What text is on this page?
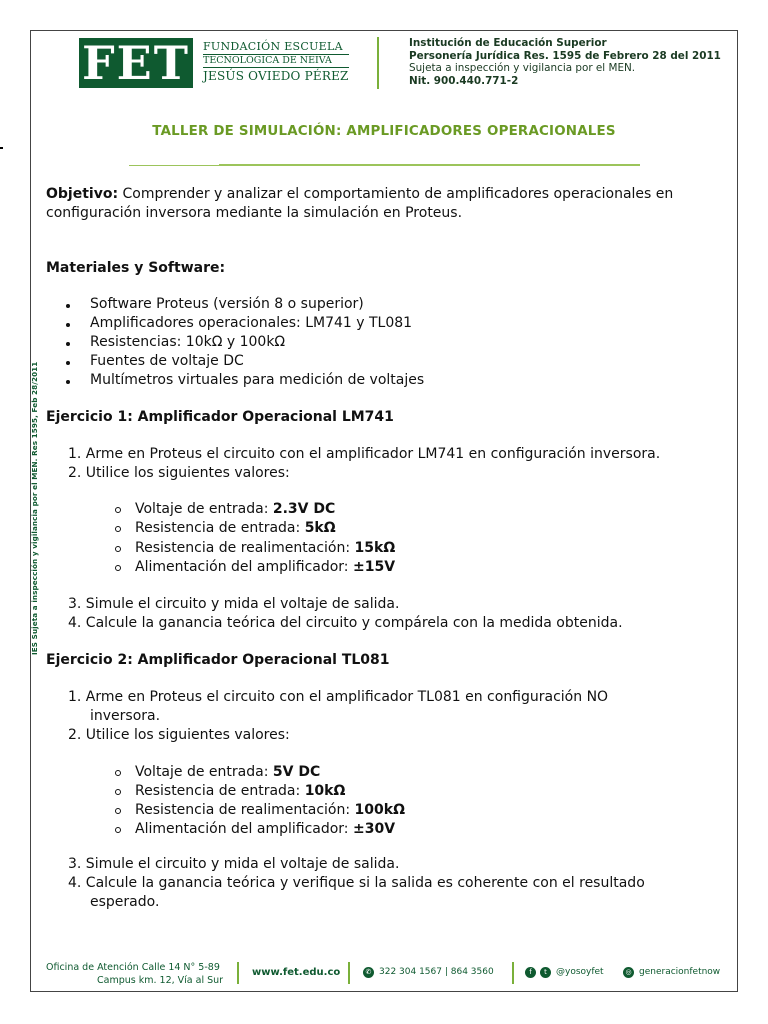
FET FUNDACIÓN ESCUELA
TECNOLÓGICA DE NEIVA
JESÚS OVIEDO PÉREZ
Institución de Educación Superior
Personería Jurídica Res. 1595 de Febrero 28 del 2011
Sujeta a inspección y vigilancia por el MEN.
Nit. 900.440.771-2
IES Sujeta a inspección y vigilancia por el MEN. Res 1595, Feb 28/2011
TALLER DE SIMULACIÓN: AMPLIFICADORES OPERACIONALES
Objetivo: Comprender y analizar el comportamiento de amplificadores operacionales en
configuración inversora mediante la simulación en Proteus.
Materiales y Software:
Software Proteus (versión 8 o superior)
Amplificadores operacionales: LM741 y TL081
Resistencias: 10kΩ y 100kΩ
Fuentes de voltaje DC
Multímetros virtuales para medición de voltajes
Ejercicio 1: Amplificador Operacional LM741
1. Arme en Proteus el circuito con el amplificador LM741 en configuración inversora.
2. Utilice los siguientes valores:
Voltaje de entrada: 2.3V DC
Resistencia de entrada: 5kΩ
Resistencia de realimentación: 15kΩ
Alimentación del amplificador: ±15V
3. Simule el circuito y mida el voltaje de salida.
4. Calcule la ganancia teórica del circuito y compárela con la medida obtenida.
Ejercicio 2: Amplificador Operacional TL081
1. Arme en Proteus el circuito con el amplificador TL081 en configuración NO
inversora.
2. Utilice los siguientes valores:
Voltaje de entrada: 5V DC
Resistencia de entrada: 10kΩ
Resistencia de realimentación: 100kΩ
Alimentación del amplificador: ±30V
3. Simule el circuito y mida el voltaje de salida.
4. Calcule la ganancia teórica y verifique si la salida es coherente con el resultado
esperado.
Oficina de Atención Calle 14 N° 5-89
Campus km. 12, Vía al Sur
www.fet.edu.co	✆ 322 304 1567 | 864 3560	f	t	@yosoyfet	◎ generacionfetnow
